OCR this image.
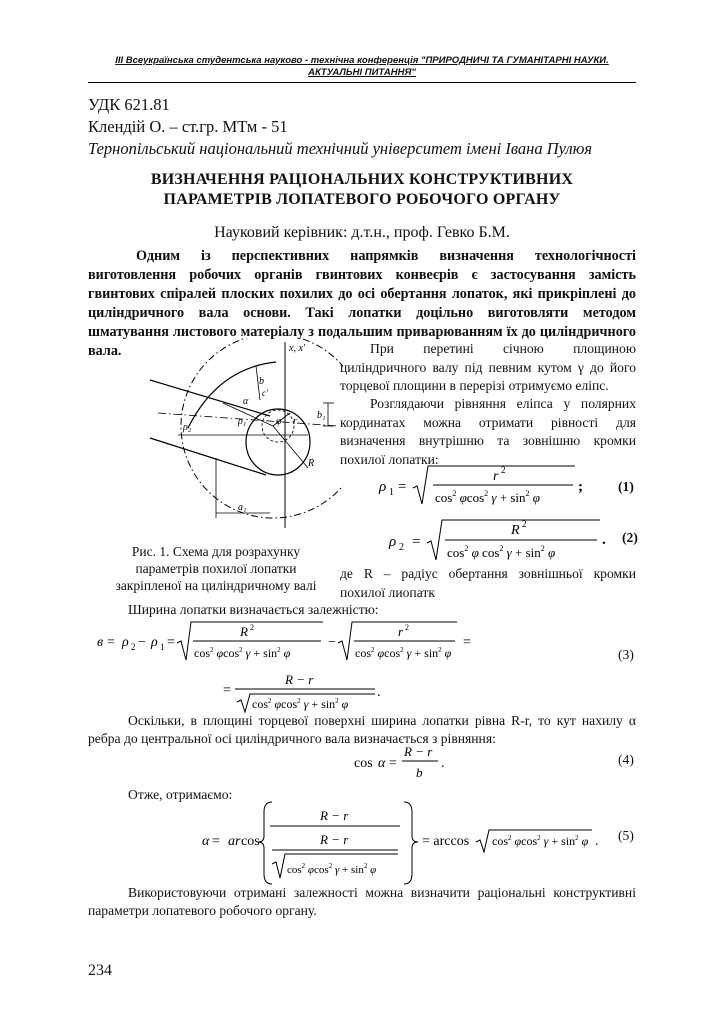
III Всеукраїнська студентська науково - технічна конференція "ПРИРОДНИЧІ ТА ГУМАНІТАРНІ НАУКИ.
АКТУАЛЬНІ ПИТАННЯ"
УДК 621.81
Клендій О. – ст.гр. МТм - 51
Тернопільський національний технічний університет імені Івана Пулюя
ВИЗНАЧЕННЯ РАЦІОНАЛЬНИХ КОНСТРУКТИВНИХ
ПАРАМЕТРІВ ЛОПАТЕВОГО РОБОЧОГО ОРГАНУ
Науковий керівник: д.т.н., проф. Гевко Б.М.
Одним із перспективних напрямків визначення технологічності виготовлення робочих органів гвинтових конвеєрів є застосування замість гвинтових спіралей плоских похилих до осі обертання лопаток, які прикріплені до циліндричного вала основи. Такі лопатки доцільно виготовляти методом шматування листового матеріалу з подальшим приварюванням їх до циліндричного вала.	x, x′
b
c′
α
ρ₁
ρ₂
φ r
R
b₁
a₁
Рис. 1. Схема для розрахунку
параметрів похилої лопатки
закріпленої на циліндричному валі
При перетині січною площиною
циліндричного валу під певним кутом γ до його
торцевої площини в перерізі отримуємо еліпс.
Розглядаючи рівняння еліпса у полярних
кординатах можна отримати рівності для
визначення внутрішню та зовнішню кромки
похилої лопатки:
ρ 1 =
r 2
$\cos^2 \varphi\cos^2$ $\gamma + \sin^2 \varphi$
;	(1)
ρ 2 =
R 2
$\cos^2 \varphi$ $\cos^2 \gamma + \sin^2 \varphi$
. (2)
де R – радіус обертання зовнішньої кромки
похилої лиопатк
Ширина лопатки визначається залежністю:
в = ρ 2 − ρ 1 =
R 2
$\cos^2 \varphi\cos^2$ $\gamma + \sin^2 \varphi$
−
r 2
$\cos^2 \varphi\cos^2$ $\gamma + \sin^2 \varphi$
=
=
R − r
$\cos^2 \varphi\cos^2$ $\gamma + \sin^2 \varphi$
.
(3)
Оскільки, в площині торцевої поверхні ширина лопатки рівна R-r, то кут нахилу α ребра до центральної осі циліндричного вала визначається з рівняння:
cos α =
R − r
b
.	(4)
Отже, отримаємо:
α = ar cos
R − r
R − r
$\cos^2 \varphi\cos^2$ $\gamma + \sin^2 \varphi$
= $\arccos \cos^2 \varphi\cos^2$ $\gamma + \sin^2 \varphi$ . (5)
Використовуючи отримані залежності можна визначити раціональні конструктивні параметри лопатевого робочого органу.
234
